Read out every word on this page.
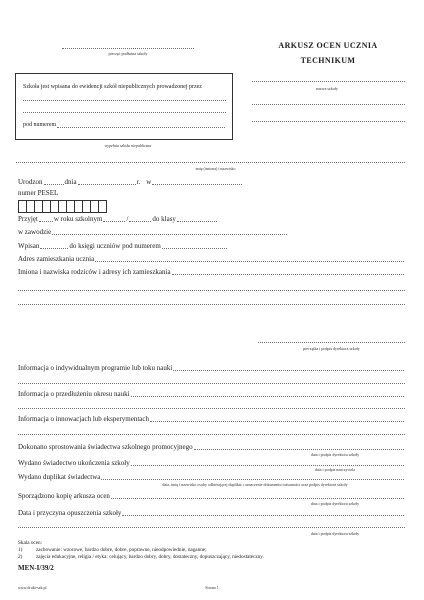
pieczęć podłużna szkoły
Szkoła jest wpisana do ewidencji szkół niepublicznych prowadzonej przez
pod numerem
wypełnia szkoła niepubliczna
ARKUSZ OCEN UCZNIA
TECHNIKUM
nazwa szkoły
imię (imiona) i nazwisko
Urodzon	dnia	r. w
numer PESEL
Przyjęt w roku szkolnym	/	do klasy
w zawodzie
Wpisan	do księgi uczniów pod numerem
Adres zamieszkania ucznia
Imiona i nazwiska rodziców i adresy ich zamieszkania
pieczątka i podpis dyrektora szkoły
Informacja o indywidualnym programie lub toku nauki
Informacja o przedłużeniu okresu nauki
Informacja o innowacjach lub eksperymentach
Dokonano sprostowania świadectwa szkolnego promocyjnego
data i podpis dyrektora szkoły
Wydano świadectwo ukończenia szkoły
data i podpis nauczyciela
Wydano duplikat świadectwa
data, imię i nazwisko osoby odbierającej duplikat i oznaczenie dokumentu tożsamości oraz podpis dyrektora szkoły
Sporządzono kopię arkusza ocen
data i podpis dyrektora szkoły
Data i przyczyna opuszczenia szkoły
data i podpis dyrektora szkoły
Skala ocen:
1)	zachowanie: wzorowe, bardzo dobre, dobre, poprawne, nieodpowiednie, naganne;
2)	zajęcia edukacyjne, religia / etyka: celujący, bardzo dobry, dobry, dostateczny, dopuszczający, niedostateczny.
MEN-I/39/2
www.druki-szk.pl	Strona 1
